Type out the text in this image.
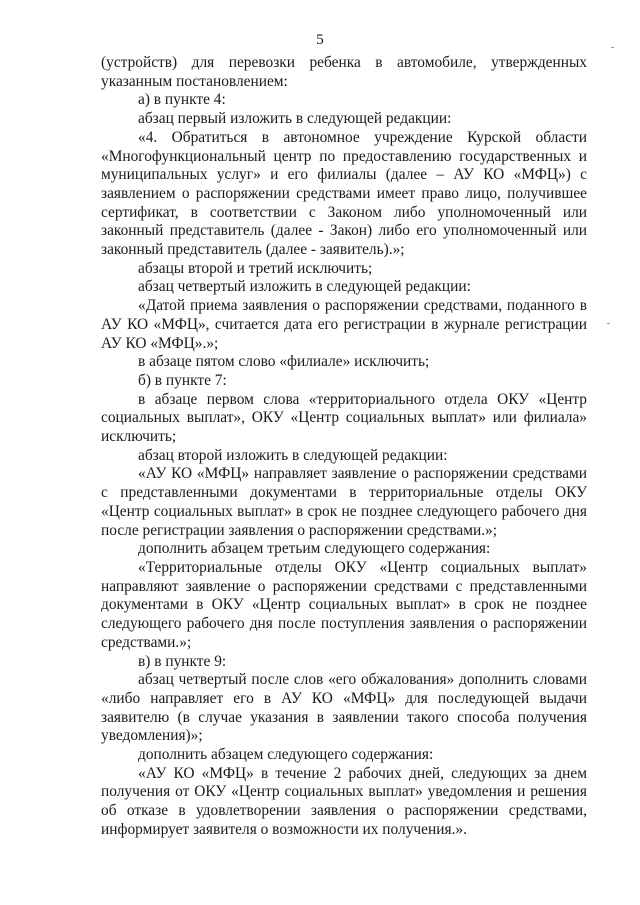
5

(устройств) для перевозки ребенка в автомобиле, утвержденных указанным постановлением:

а) в пункте 4:

абзац первый изложить в следующей редакции:

«4. Обратиться в автономное учреждение Курской области «Многофункциональный центр по предоставлению государственных и муниципальных услуг» и его филиалы (далее – АУ КО «МФЦ») с заявлением о распоряжении средствами имеет право лицо, получившее сертификат, в соответствии с Законом либо уполномоченный или законный представитель (далее - Закон) либо его уполномоченный или законный представитель (далее - заявитель).»;

абзацы второй и третий исключить;

абзац четвертый изложить в следующей редакции:

«Датой приема заявления о распоряжении средствами, поданного в АУ КО «МФЦ», считается дата его регистрации в журнале регистрации АУ КО «МФЦ».»;

в абзаце пятом слово «филиале» исключить;

б) в пункте 7:

в абзаце первом слова «территориального отдела ОКУ «Центр социальных выплат», ОКУ «Центр социальных выплат» или филиала» исключить;

абзац второй изложить в следующей редакции:

«АУ КО «МФЦ» направляет заявление о распоряжении средствами с представленными документами в территориальные отделы ОКУ «Центр социальных выплат» в срок не позднее следующего рабочего дня после регистрации заявления о распоряжении средствами.»;

дополнить абзацем третьим следующего содержания:

«Территориальные отделы ОКУ «Центр социальных выплат» направляют заявление о распоряжении средствами с представленными документами в ОКУ «Центр социальных выплат» в срок не позднее следующего рабочего дня после поступления заявления о распоряжении средствами.»;

в) в пункте 9:

абзац четвертый после слов «его обжалования» дополнить словами «либо направляет его в АУ КО «МФЦ» для последующей выдачи заявителю (в случае указания в заявлении такого способа получения уведомления)»;

дополнить абзацем следующего содержания:

«АУ КО «МФЦ» в течение 2 рабочих дней, следующих за днем получения от ОКУ «Центр социальных выплат» уведомления и решения об отказе в удовлетворении заявления о распоряжении средствами, информирует заявителя о возможности их получения.».
